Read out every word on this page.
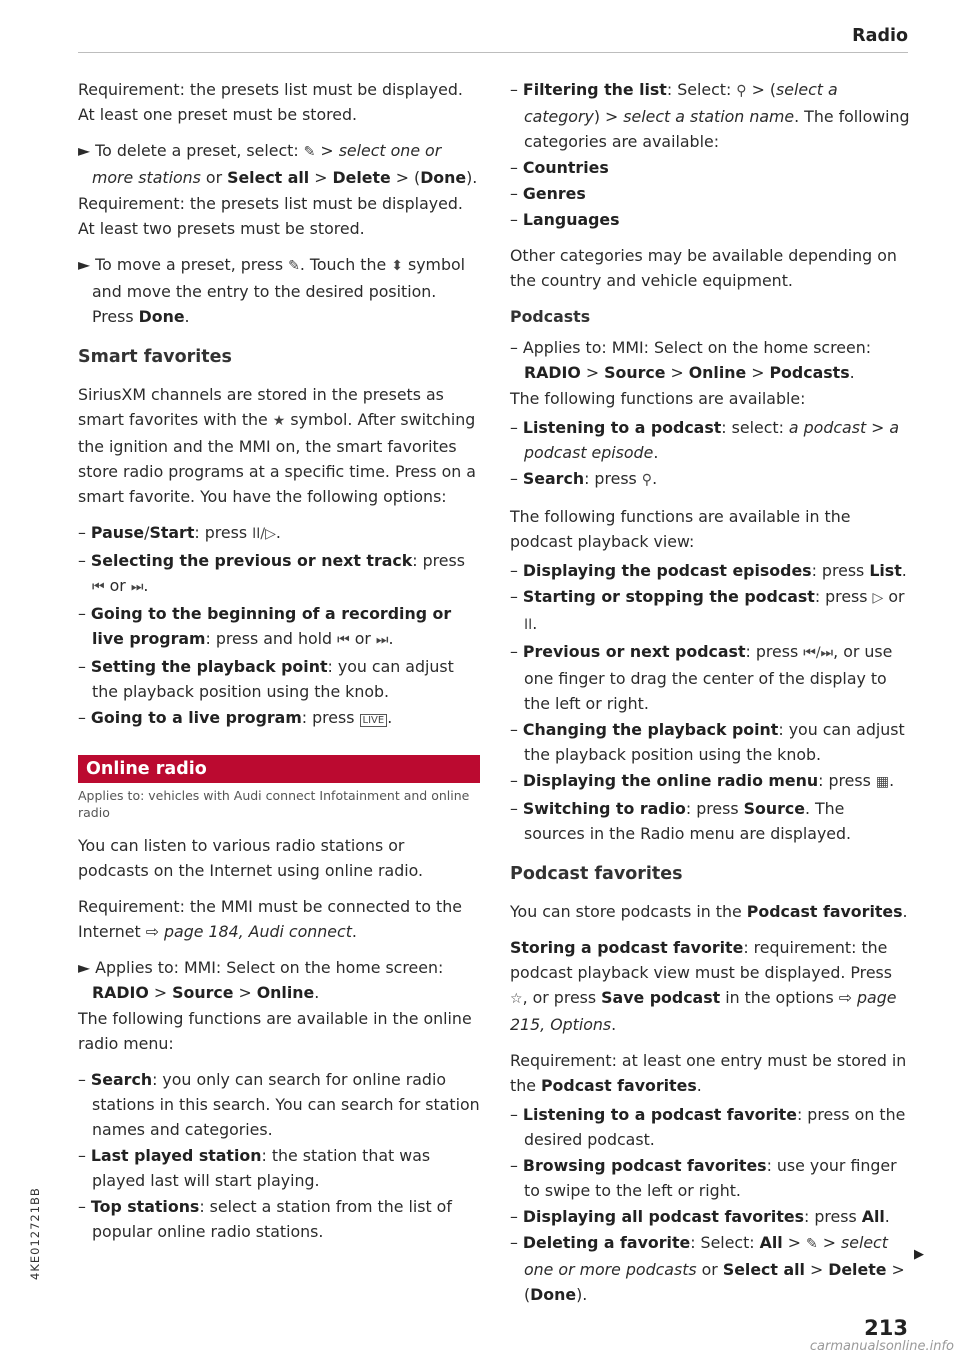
Radio

Requirement: the presets list must be displayed. At least one preset must be stored.

► To delete a preset, select: ✎ > select one or more stations or Select all > Delete > (Done).

Requirement: the presets list must be displayed. At least two presets must be stored.

► To move a preset, press ✎. Touch the ⬍ symbol and move the entry to the desired position. Press Done.

Smart favorites

SiriusXM channels are stored in the presets as smart favorites with the ★ symbol. After switching the ignition and the MMI on, the smart favorites store radio programs at a specific time. Press on a smart favorite. You have the following options:

– Pause/Start: press II/▷.
– Selecting the previous or next track: press ⏮ or ⏭.
– Going to the beginning of a recording or live program: press and hold ⏮ or ⏭.
– Setting the playback point: you can adjust the playback position using the knob.
– Going to a live program: press LIVE .
Online radio
Applies to: vehicles with Audi connect Infotainment and online radio

You can listen to various radio stations or podcasts on the Internet using online radio.

Requirement: the MMI must be connected to the Internet ⇨ page 184, Audi connect.

► Applies to: MMI: Select on the home screen: RADIO > Source > Online.

The following functions are available in the online radio menu:

– Search: you only can search for online radio stations in this search. You can search for station names and categories.
– Last played station: the station that was played last will start playing.
– Top stations: select a station from the list of popular online radio stations.
– Filtering the list: Select: ⚲ > (select a category) > select a station name. The following categories are available:
– Countries
– Genres
– Languages

Other categories may be available depending on the country and vehicle equipment.

Podcasts

– Applies to: MMI: Select on the home screen: RADIO > Source > Online > Podcasts.

The following functions are available:

– Listening to a podcast: select: a podcast > a podcast episode.
– Search: press ⚲.

The following functions are available in the podcast playback view:

– Displaying the podcast episodes: press List.
– Starting or stopping the podcast: press ▷ or II.
– Previous or next podcast: press ⏮/⏭, or use one finger to drag the center of the display to the left or right.
– Changing the playback point: you can adjust the playback position using the knob.
– Displaying the online radio menu: press ▦.
– Switching to radio: press Source. The sources in the Radio menu are displayed.
Podcast favorites

You can store podcasts in the Podcast favorites.

Storing a podcast favorite: requirement: the podcast playback view must be displayed. Press ☆, or press Save podcast in the options ⇨ page 215, Options.

Requirement: at least one entry must be stored in the Podcast favorites.

– Listening to a podcast favorite: press on the desired podcast.
– Browsing podcast favorites: use your finger to swipe to the left or right.
– Displaying all podcast favorites: press All.
– Deleting a favorite: Select: All > ✎ > select one or more podcasts or Select all > Delete > (Done).
▶
4KE012721BB
213
carmanualsonline.info
